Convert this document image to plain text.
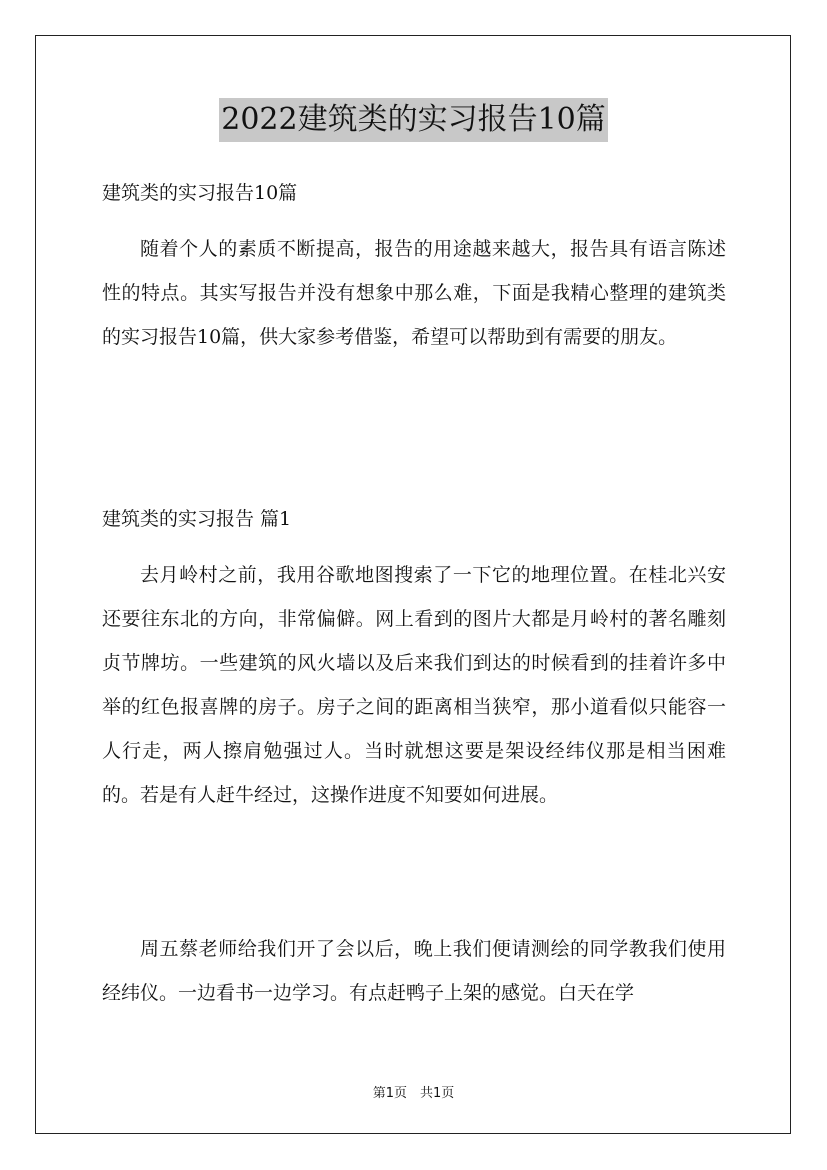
2022建筑类的实习报告10篇

建筑类的实习报告10篇

随着个人的素质不断提高，报告的用途越来越大，报告具有语言陈述性的特点。其实写报告并没有想象中那么难，下面是我精心整理的建筑类的实习报告10篇，供大家参考借鉴，希望可以帮助到有需要的朋友。

建筑类的实习报告 篇1

去月岭村之前，我用谷歌地图搜索了一下它的地理位置。在桂北兴安还要往东北的方向，非常偏僻。网上看到的图片大都是月岭村的著名雕刻贞节牌坊。一些建筑的风火墙以及后来我们到达的时候看到的挂着许多中举的红色报喜牌的房子。房子之间的距离相当狭窄，那小道看似只能容一人行走，两人擦肩勉强过人。当时就想这要是架设经纬仪那是相当困难的。若是有人赶牛经过，这操作进度不知要如何进展。

周五蔡老师给我们开了会以后，晚上我们便请测绘的同学教我们使用经纬仪。一边看书一边学习。有点赶鸭子上架的感觉。白天在学

第1页　共1页
